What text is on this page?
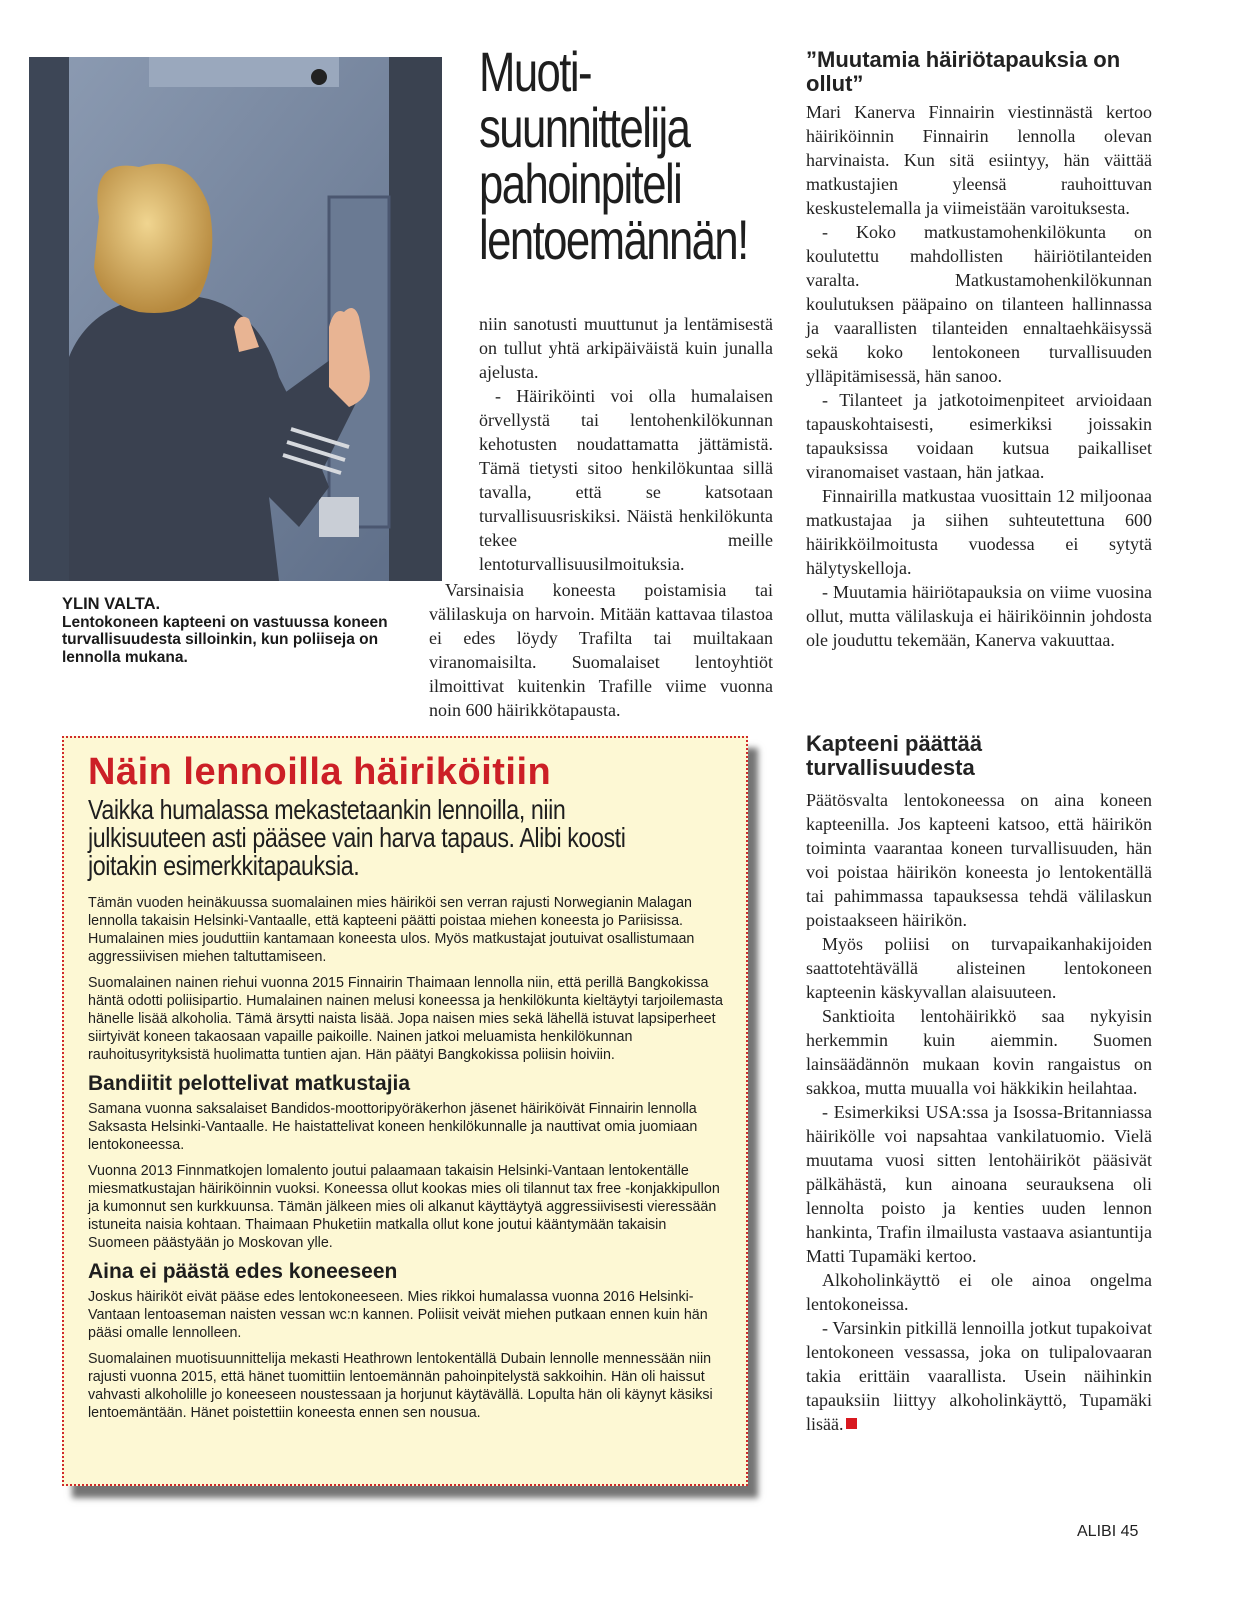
YLIN VALTA.
Lentokoneen kapteeni on vastuussa koneen turvallisuudesta silloinkin, kun poliiseja on lennolla mukana.
Muoti-
suunnittelija
pahoinpiteli
lentoemännän!

niin sanotusti muuttunut ja lentämisestä on tullut yhtä arkipäiväistä kuin junalla ajelusta.

- Häiriköinti voi olla humalaisen örvellystä tai lentohenkilökunnan kehotusten noudattamatta jättämistä. Tämä tietysti sitoo henkilökuntaa sillä tavalla, että se katsotaan turvallisuusriskiksi. Näistä henkilökunta tekee meille lentoturvallisuusilmoituksia.

Varsinaisia koneesta poistamisia tai välilaskuja on harvoin. Mitään kattavaa tilastoa ei edes löydy Trafilta tai muiltakaan viranomaisilta. Suomalaiset lentoyhtiöt ilmoittivat kuitenkin Trafille viime vuonna noin 600 häirikkötapausta.

”Muutamia häiriötapauksia on ollut”

Mari Kanerva Finnairin viestinnästä kertoo häiriköinnin Finnairin lennolla olevan harvinaista. Kun sitä esiintyy, hän väittää matkustajien yleensä rauhoittuvan keskustelemalla ja viimeistään varoituksesta.

- Koko matkustamohenkilökunta on koulutettu mahdollisten häiriötilanteiden varalta. Matkustamohenkilökunnan koulutuksen pääpaino on tilanteen hallinnassa ja vaarallisten tilanteiden ennaltaehkäisyssä sekä koko lentokoneen turvallisuuden ylläpitämisessä, hän sanoo.

- Tilanteet ja jatkotoimenpiteet arvioidaan tapauskohtaisesti, esimerkiksi joissakin tapauksissa voidaan kutsua paikalliset viranomaiset vastaan, hän jatkaa.

Finnairilla matkustaa vuosittain 12 miljoonaa matkustajaa ja siihen suhteutettuna 600 häirikköilmoitusta vuodessa ei sytytä hälytyskelloja.

- Muutamia häiriötapauksia on viime vuosina ollut, mutta välilaskuja ei häiriköinnin johdosta ole jouduttu tekemään, Kanerva vakuuttaa.

Kapteeni päättää turvallisuudesta

Päätösvalta lentokoneessa on aina koneen kapteenilla. Jos kapteeni katsoo, että häirikön toiminta vaarantaa koneen turvallisuuden, hän voi poistaa häirikön koneesta jo lentokentällä tai pahimmassa tapauksessa tehdä välilaskun poistaakseen häirikön.

Myös poliisi on turvapaikanhakijoiden saattotehtävällä alisteinen lentokoneen kapteenin käskyvallan alaisuuteen.

Sanktioita lentohäirikkö saa nykyisin herkemmin kuin aiemmin. Suomen lainsäädännön mukaan kovin rangaistus on sakkoa, mutta muualla voi häkkikin heilahtaa.

- Esimerkiksi USA:ssa ja Isossa-Britanniassa häirikölle voi napsahtaa vankilatuomio. Vielä muutama vuosi sitten lentohäiriköt pääsivät pälkähästä, kun ainoana seurauksena oli lennolta poisto ja kenties uuden lennon hankinta, Trafin ilmailusta vastaava asiantuntija Matti Tupamäki kertoo.

Alkoholinkäyttö ei ole ainoa ongelma lentokoneissa.

- Varsinkin pitkillä lennoilla jotkut tupakoivat lentokoneen vessassa, joka on tulipalovaaran takia erittäin vaarallista. Usein näihinkin tapauksiin liittyy alkoholinkäyttö, Tupamäki lisää.

Näin lennoilla häiriköitiin
Vaikka humalassa mekastetaankin lennoilla, niin julkisuuteen asti pääsee vain harva tapaus. Alibi koosti joitakin esimerkkitapauksia.

Tämän vuoden heinäkuussa suomalainen mies häiriköi sen verran rajusti Norwegianin Malagan lennolla takaisin Helsinki-Vantaalle, että kapteeni päätti poistaa miehen koneesta jo Pariisissa. Humalainen mies jouduttiin kantamaan koneesta ulos. Myös matkustajat joutuivat osallistumaan aggressiivisen miehen taltuttamiseen.

Suomalainen nainen riehui vuonna 2015 Finnairin Thaimaan lennolla niin, että perillä Bangkokissa häntä odotti poliisipartio. Humalainen nainen melusi koneessa ja henkilökunta kieltäytyi tarjoilemasta hänelle lisää alkoholia. Tämä ärsytti naista lisää. Jopa naisen mies sekä lähellä istuvat lapsiperheet siirtyivät koneen takaosaan vapaille paikoille. Nainen jatkoi meluamista henkilökunnan rauhoitusyrityksistä huolimatta tuntien ajan. Hän päätyi Bangkokissa poliisin hoiviin.

Bandiitit pelottelivat matkustajia

Samana vuonna saksalaiset Bandidos-moottoripyöräkerhon jäsenet häiriköivät Finnairin lennolla Saksasta Helsinki-Vantaalle. He haistattelivat koneen henkilökunnalle ja nauttivat omia juomiaan lentokoneessa.

Vuonna 2013 Finnmatkojen lomalento joutui palaamaan takaisin Helsinki-Vantaan lentokentälle miesmatkustajan häiriköinnin vuoksi. Koneessa ollut kookas mies oli tilannut tax free -konjakkipullon ja kumonnut sen kurkkuunsa. Tämän jälkeen mies oli alkanut käyttäytyä aggressiivisesti vieressään istuneita naisia kohtaan. Thaimaan Phuketiin matkalla ollut kone joutui kääntymään takaisin Suomeen päästyään jo Moskovan ylle.

Aina ei päästä edes koneeseen

Joskus häiriköt eivät pääse edes lentokoneeseen. Mies rikkoi humalassa vuonna 2016 Helsinki-Vantaan lentoaseman naisten vessan wc:n kannen. Poliisit veivät miehen putkaan ennen kuin hän pääsi omalle lennolleen.

Suomalainen muotisuunnittelija mekasti Heathrown lentokentällä Dubain lennolle mennessään niin rajusti vuonna 2015, että hänet tuomittiin lentoemännän pahoinpitelystä sakkoihin. Hän oli haissut vahvasti alkoholille jo koneeseen noustessaan ja horjunut käytävällä. Lopulta hän oli käynyt käsiksi lentoemäntään. Hänet poistettiin koneesta ennen sen nousua.

ALIBI 45
